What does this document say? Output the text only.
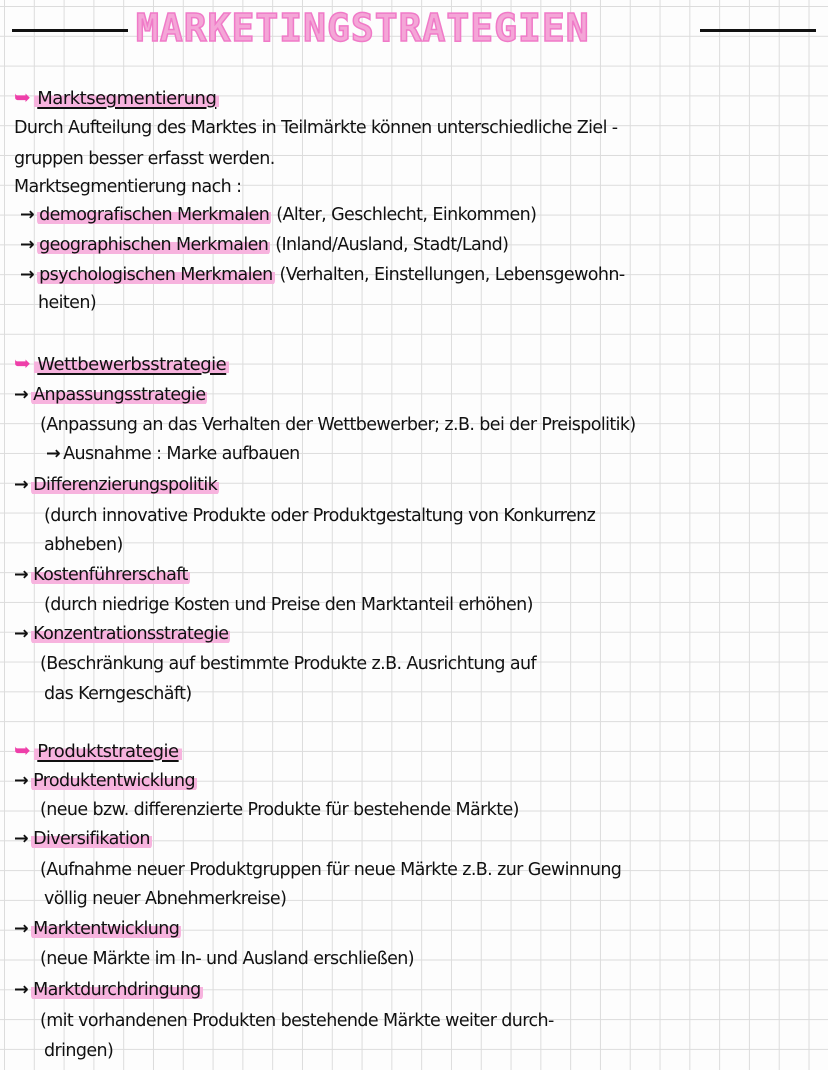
MARKETINGSTRATEGIEN
➥ Marktsegmentierung
Durch Aufteilung des Marktes in Teilmärkte können unterschiedliche Ziel -
gruppen besser erfasst werden.
Marktsegmentierung nach :
→ demografischen Merkmalen (Alter, Geschlecht, Einkommen)
→ geographischen Merkmalen (Inland/Ausland, Stadt/Land)
→ psychologischen Merkmalen (Verhalten, Einstellungen, Lebensgewohn-
heiten)
➥ Wettbewerbsstrategie
→ Anpassungsstrategie
(Anpassung an das Verhalten der Wettbewerber; z.B. bei der Preispolitik)
→ Ausnahme : Marke aufbauen
→ Differenzierungspolitik
(durch innovative Produkte oder Produktgestaltung von Konkurrenz
abheben)
→ Kostenführerschaft
(durch niedrige Kosten und Preise den Marktanteil erhöhen)
→ Konzentrationsstrategie
(Beschränkung auf bestimmte Produkte z.B. Ausrichtung auf
das Kerngeschäft)
➥ Produktstrategie
→ Produktentwicklung
(neue bzw. differenzierte Produkte für bestehende Märkte)
→ Diversifikation
(Aufnahme neuer Produktgruppen für neue Märkte z.B. zur Gewinnung
völlig neuer Abnehmerkreise)
→ Marktentwicklung
(neue Märkte im In- und Ausland erschließen)
→ Marktdurchdringung
(mit vorhandenen Produkten bestehende Märkte weiter durch-
dringen)
